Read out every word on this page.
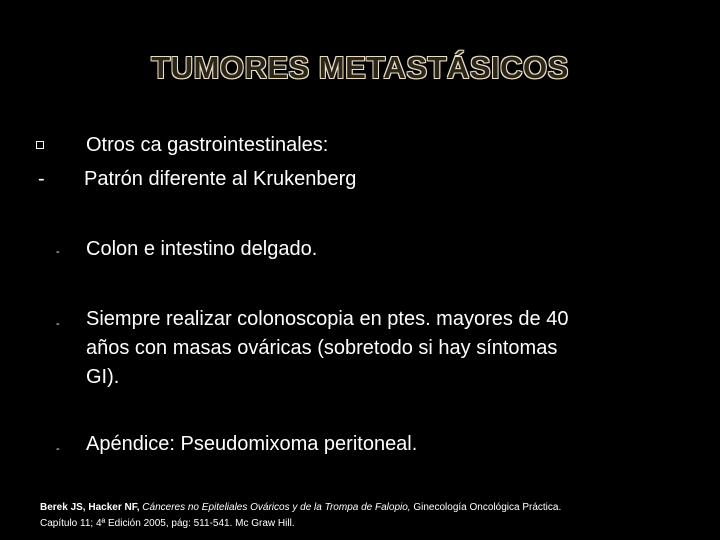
TUMORES METASTÁSICOS
Otros ca gastrointestinales:
- Patrón diferente al Krukenberg
- Colon e intestino delgado.
- Siempre realizar colonoscopia en ptes. mayores de 40
años con masas ováricas (sobretodo si hay síntomas
GI).
- Apéndice: Pseudomixoma peritoneal.
Berek JS, Hacker NF, Cánceres no Epiteliales Ováricos y de la Trompa de Falopio, Ginecología Oncológica Práctica.
Capítulo 11; 4ª Edición 2005, pág: 511-541. Mc Graw Hill.
